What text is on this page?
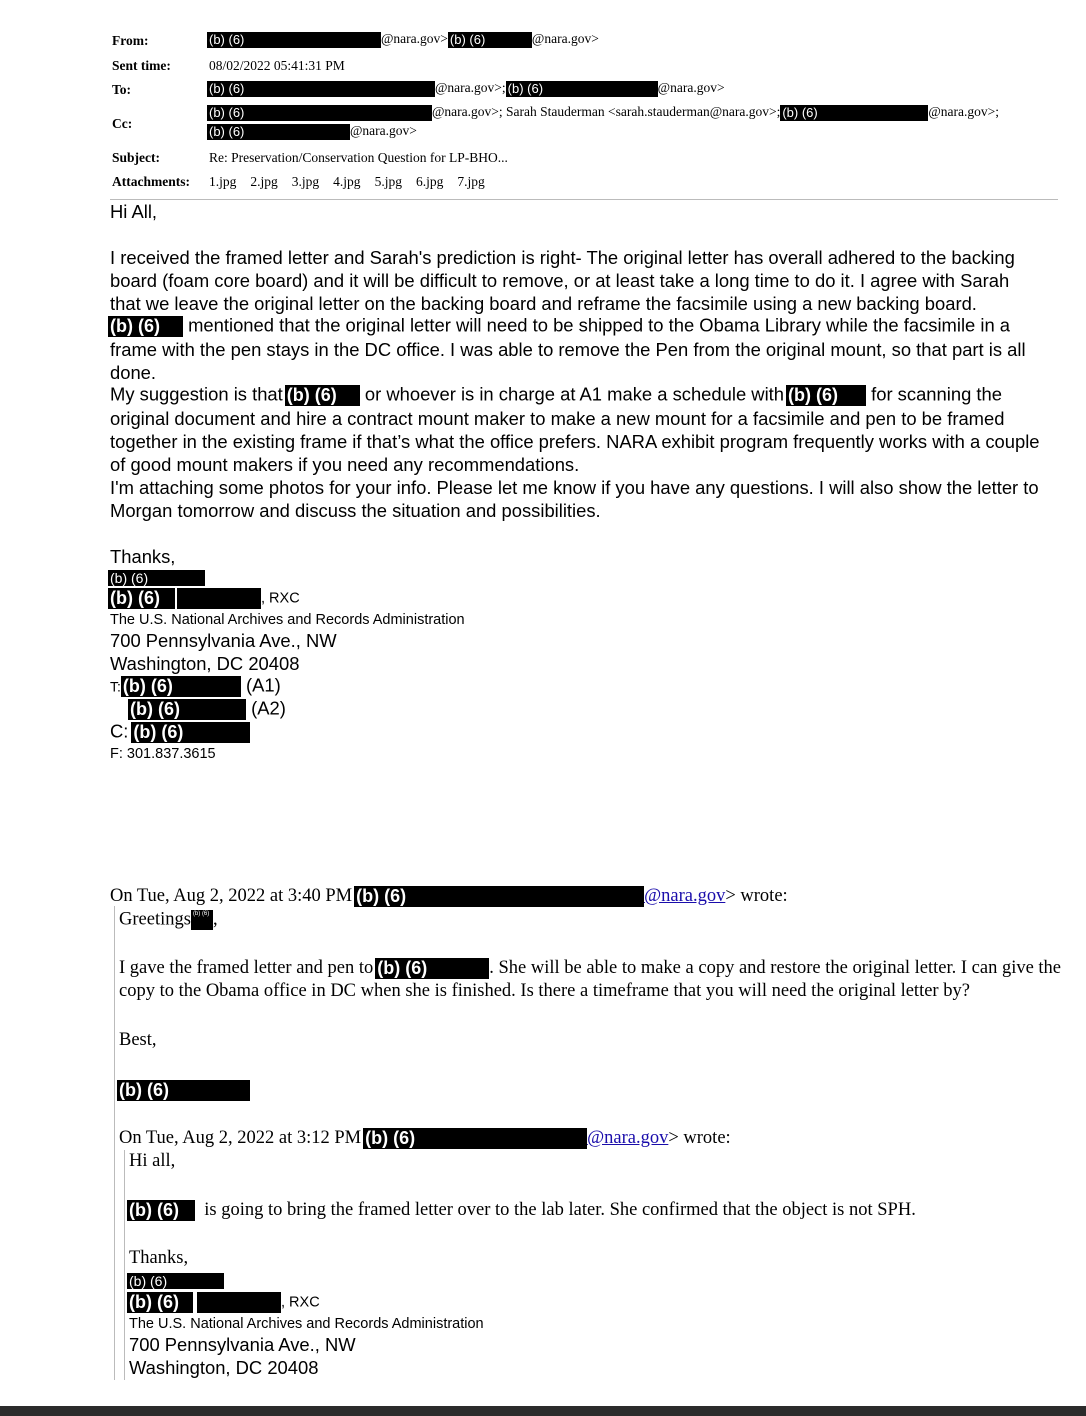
From:	(b) (6)	@nara.gov> (b) (6)	@nara.gov>
Sent time:	08/02/2022 05:41:31 PM
To:	(b) (6)	@nara.gov>; (b) (6)	@nara.gov>
Cc:
(b) (6)	@nara.gov>; Sarah Stauderman <sarah.stauderman@nara.gov>; (b) (6)	@nara.gov>;
(b) (6)	@nara.gov>
Subject:	Re: Preservation/Conservation Question for LP-BHO...
Attachments: 1.jpg 2.jpg 3.jpg 4.jpg 5.jpg 6.jpg 7.jpg
Hi All,
I received the framed letter and Sarah's prediction is right- The original letter has overall adhered to the backing
board (foam core board) and it will be difficult to remove, or at least take a long time to do it. I agree with Sarah
that we leave the original letter on the backing board and reframe the facsimile using a new backing board.
(b) (6) mentioned that the original letter will need to be shipped to the Obama Library while the facsimile in a
frame with the pen stays in the DC office. I was able to remove the Pen from the original mount, so that part is all
done.
My suggestion is that (b) (6) or whoever is in charge at A1 make a schedule with (b) (6) for scanning the
original document and hire a contract mount maker to make a new mount for a facsimile and pen to be framed
together in the existing frame if that’s what the office prefers. NARA exhibit program frequently works with a couple
of good mount makers if you need any recommendations.
I'm attaching some photos for your info. Please let me know if you have any questions. I will also show the letter to
Morgan tomorrow and discuss the situation and possibilities.
Thanks,
(b) (6)
(b) (6)	, RXC
The U.S. National Archives and Records Administration
700 Pennsylvania Ave., NW
Washington, DC 20408
T: (b) (6)	(A1)
(b) (6)	(A2)
C: (b) (6)
F: 301.837.3615
On Tue, Aug 2, 2022 at 3:40 PM (b) (6)	@nara.gov> wrote:
Greetings (b) (6) ,
I gave the framed letter and pen to (b) (6)	. She will be able to make a copy and restore the original letter. I can give the
copy to the Obama office in DC when she is finished. Is there a timeframe that you will need the original letter by?
Best,
(b) (6)
On Tue, Aug 2, 2022 at 3:12 PM (b) (6)	@nara.gov> wrote:
Hi all,
(b) (6)  is going to bring the framed letter over to the lab later. She confirmed that the object is not SPH.
Thanks,
(b) (6)
(b) (6)	, RXC
The U.S. National Archives and Records Administration
700 Pennsylvania Ave., NW
Washington, DC 20408
